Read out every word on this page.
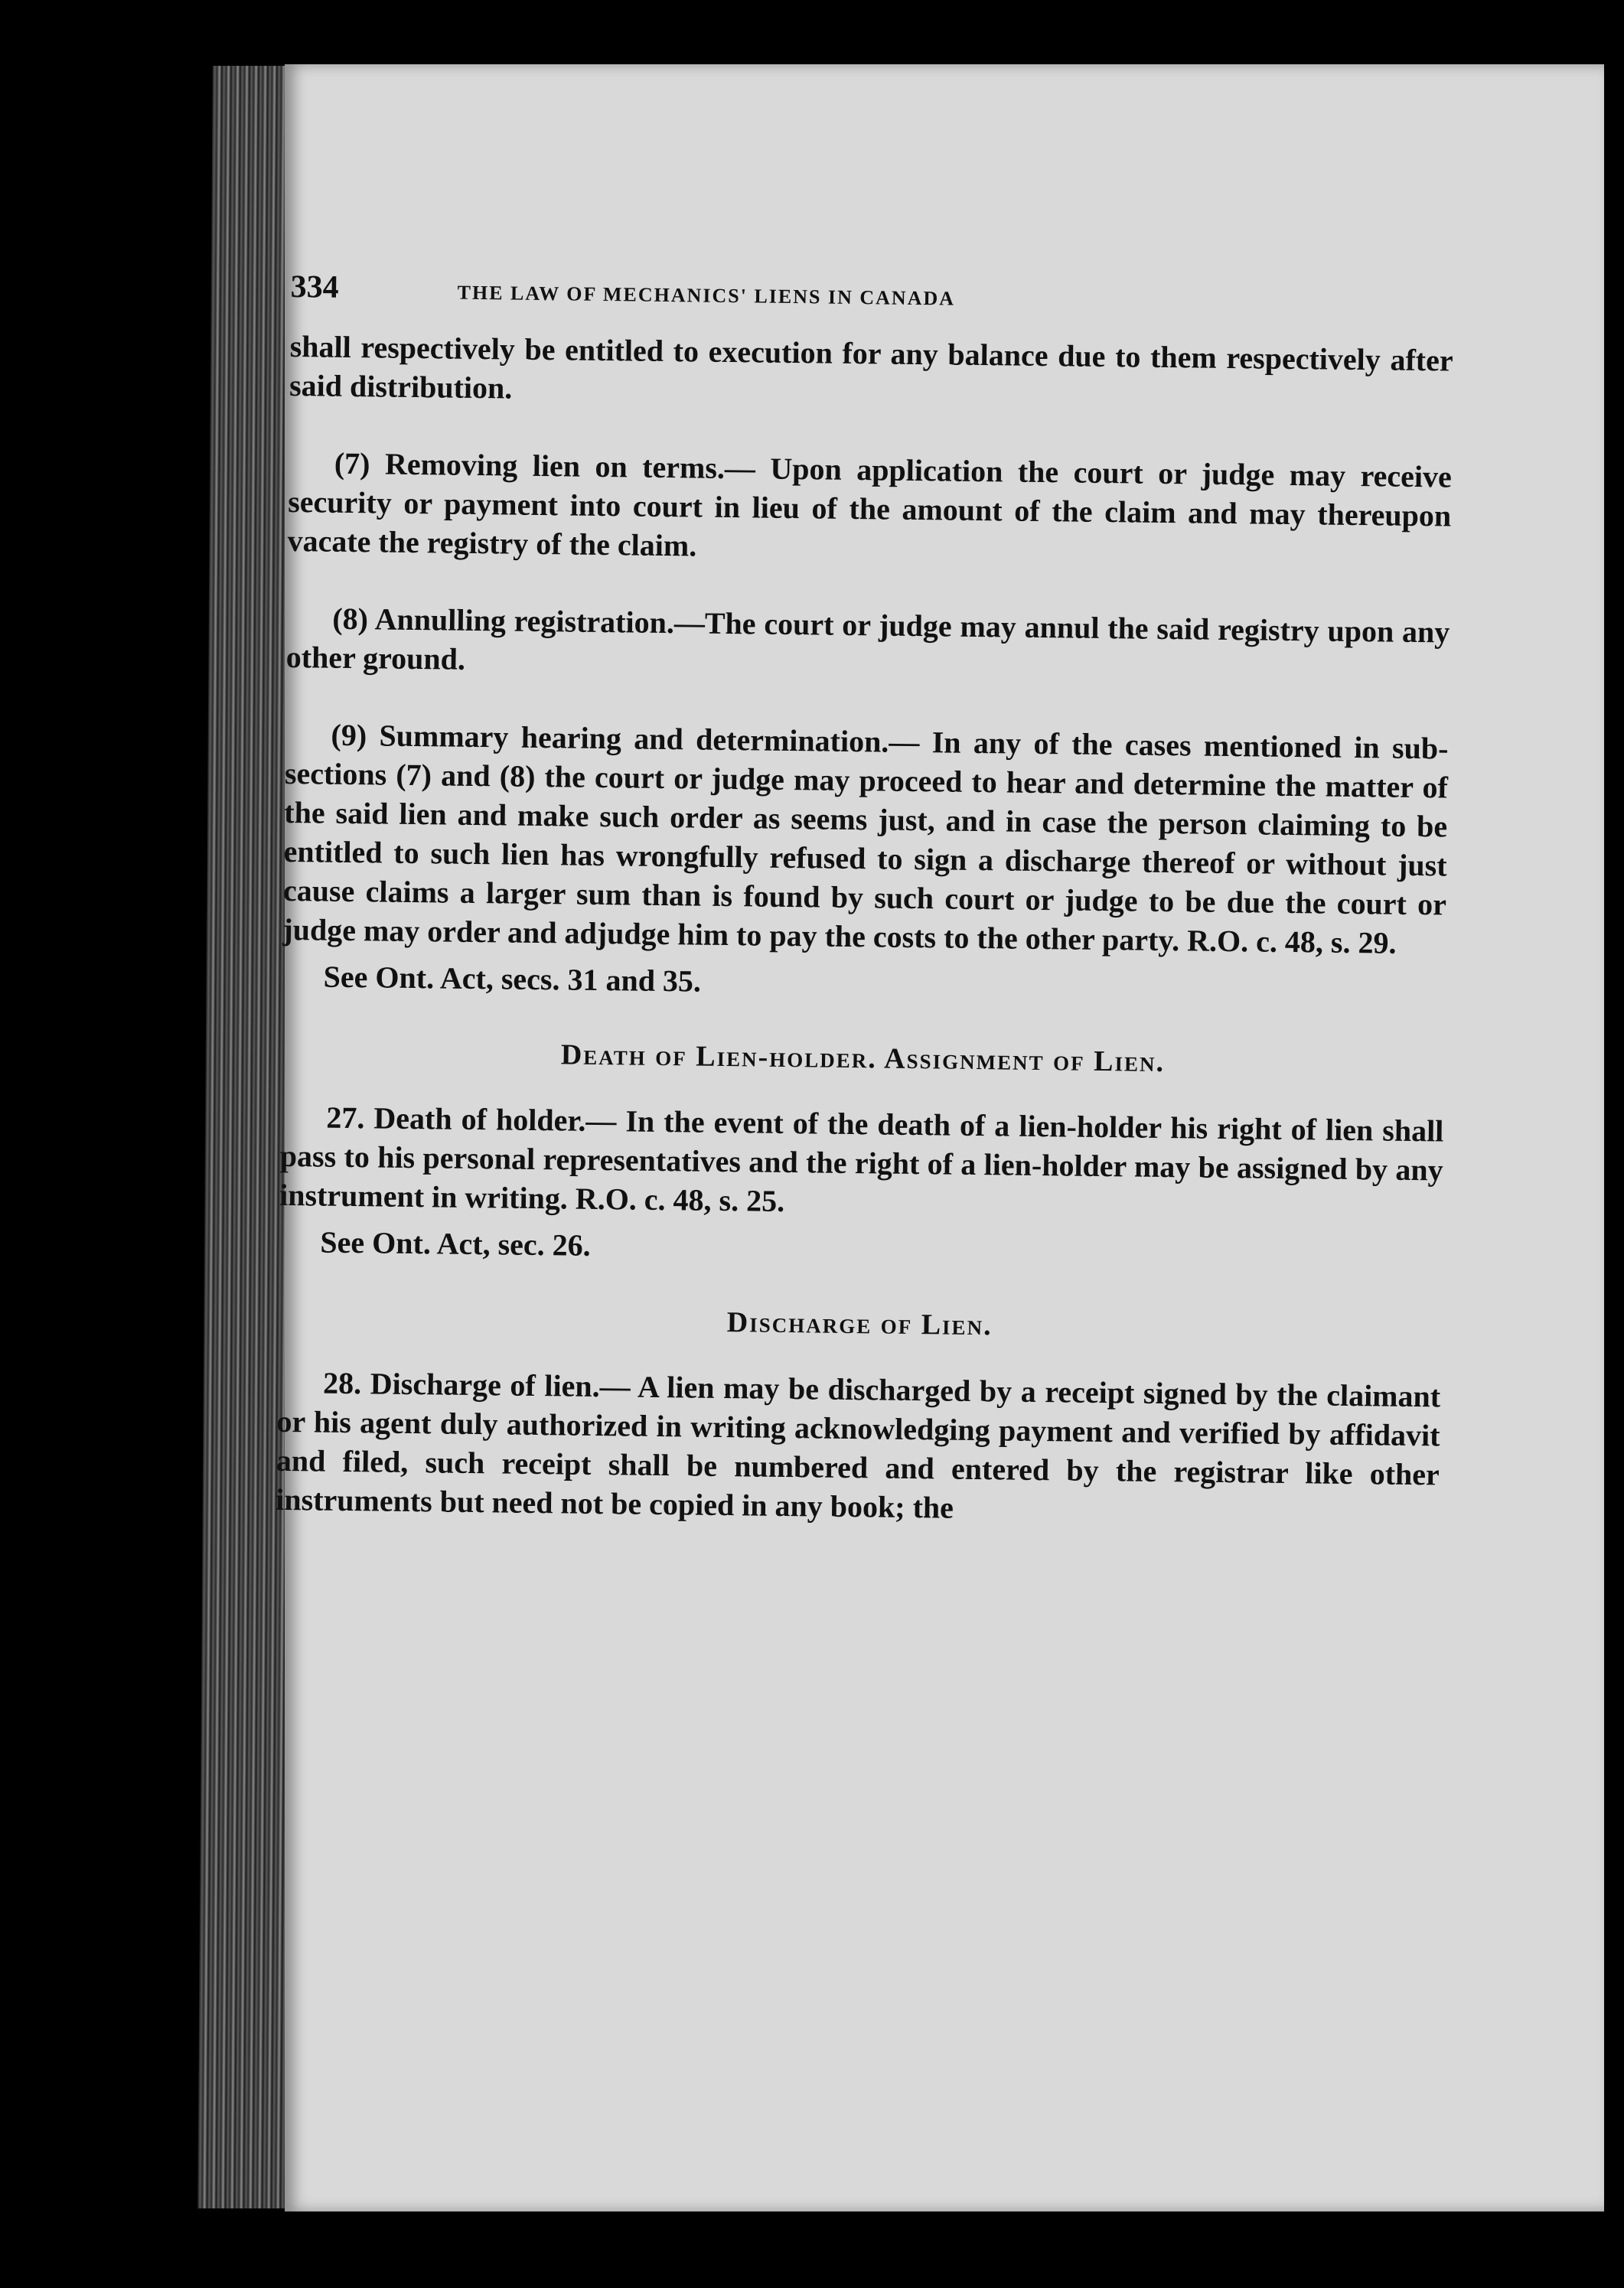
334	THE LAW OF MECHANICS' LIENS IN CANADA

shall respectively be entitled to execution for any balance due to them respectively after said distribution.

(7) Removing lien on terms.— Upon application the court or judge may receive security or payment into court in lieu of the amount of the claim and may thereupon vacate the registry of the claim.

(8) Annulling registration.—The court or judge may annul the said registry upon any other ground.

(9) Summary hearing and determination.— In any of the cases mentioned in sub-sections (7) and (8) the court or judge may proceed to hear and determine the matter of the said lien and make such order as seems just, and in case the person claiming to be entitled to such lien has wrongfully refused to sign a discharge thereof or without just cause claims a larger sum than is found by such court or judge to be due the court or judge may order and adjudge him to pay the costs to the other party. R.O. c. 48, s. 29.

See Ont. Act, secs. 31 and 35.

Death of Lien-holder. Assignment of Lien.

27. Death of holder.— In the event of the death of a lien-holder his right of lien shall pass to his personal representatives and the right of a lien-holder may be assigned by any instrument in writing. R.O. c. 48, s. 25.

See Ont. Act, sec. 26.

Discharge of Lien.

28. Discharge of lien.— A lien may be discharged by a receipt signed by the claimant or his agent duly authorized in writing acknowledging payment and verified by affidavit and filed, such receipt shall be numbered and entered by the registrar like other instruments but need not be copied in any book; the
